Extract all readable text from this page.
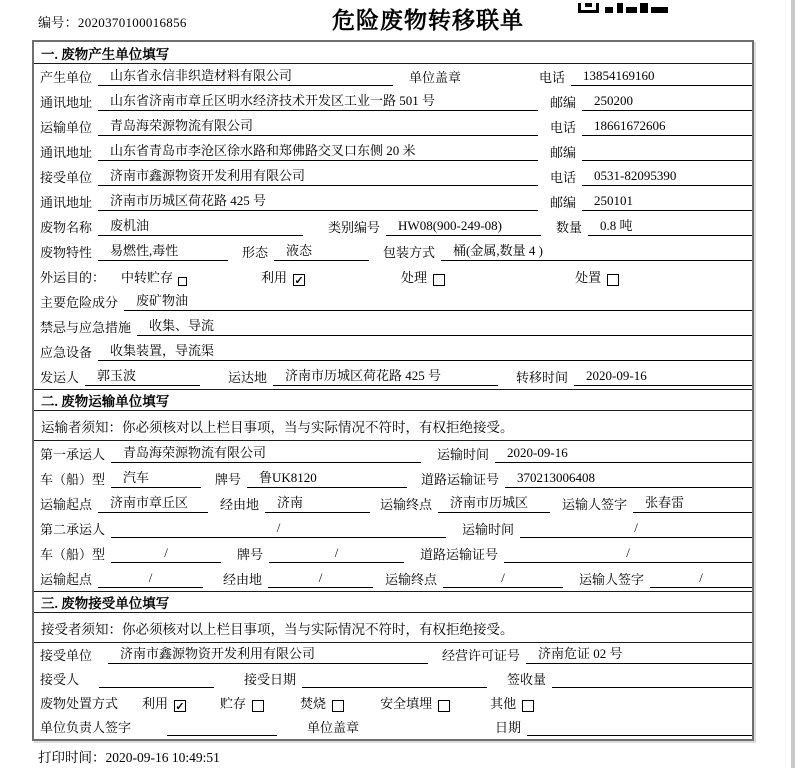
编号：2020370100016856	危险废物转移联单
一. 废物产生单位填写
产生单位	山东省永信非织造材料有限公司	单位盖章	电话	13854169160
通讯地址	山东省济南市章丘区明水经济技术开发区工业一路 501 号	邮编	250200
运输单位	青岛海荣源物流有限公司	电话	18661672606
通讯地址	山东省青岛市李沧区徐水路和郑佛路交叉口东侧 20 米	邮编
接受单位	济南市鑫源物资开发利用有限公司	电话	0531-82095390
通讯地址	济南市历城区荷花路 425 号	邮编	250101
废物名称	废机油	类别编号	HW08(900-249-08)	数量	0.8 吨
废物特性	易燃性,毒性	形态	液态	包装方式	桶(金属,数量 4 )
外运目的： 中转贮存	利用 ✓	处理	处置
主要危险成分	废矿物油
禁忌与应急措施	收集、导流
应急设备	收集装置，导流渠
发运人	郭玉波	运达地	济南市历城区荷花路 425 号	转移时间	2020-09-16
二. 废物运输单位填写
运输者须知：你必须核对以上栏目事项，当与实际情况不符时，有权拒绝接受。
第一承运人	青岛海荣源物流有限公司	运输时间	2020-09-16
车（船）型	汽车	牌号	鲁UK8120	道路运输证号	370213006408
运输起点	济南市章丘区	经由地	济南	运输终点	济南市历城区	运输人签字	张春雷
第二承运人	/	运输时间	/
车（船）型	/	牌号	/	道路运输证号	/
运输起点	/	经由地	/	运输终点	/	运输人签字	/
三. 废物接受单位填写
接受者须知：你必须核对以上栏目事项，当与实际情况不符时，有权拒绝接受。
接受单位	济南市鑫源物资开发利用有限公司	经营许可证号	济南危证 02 号
接受人	接受日期	签收量
废物处置方式 利用 ✓	贮存	焚烧	安全填埋	其他
单位负责人签字	单位盖章	日期
打印时间：2020-09-16 10:49:51
